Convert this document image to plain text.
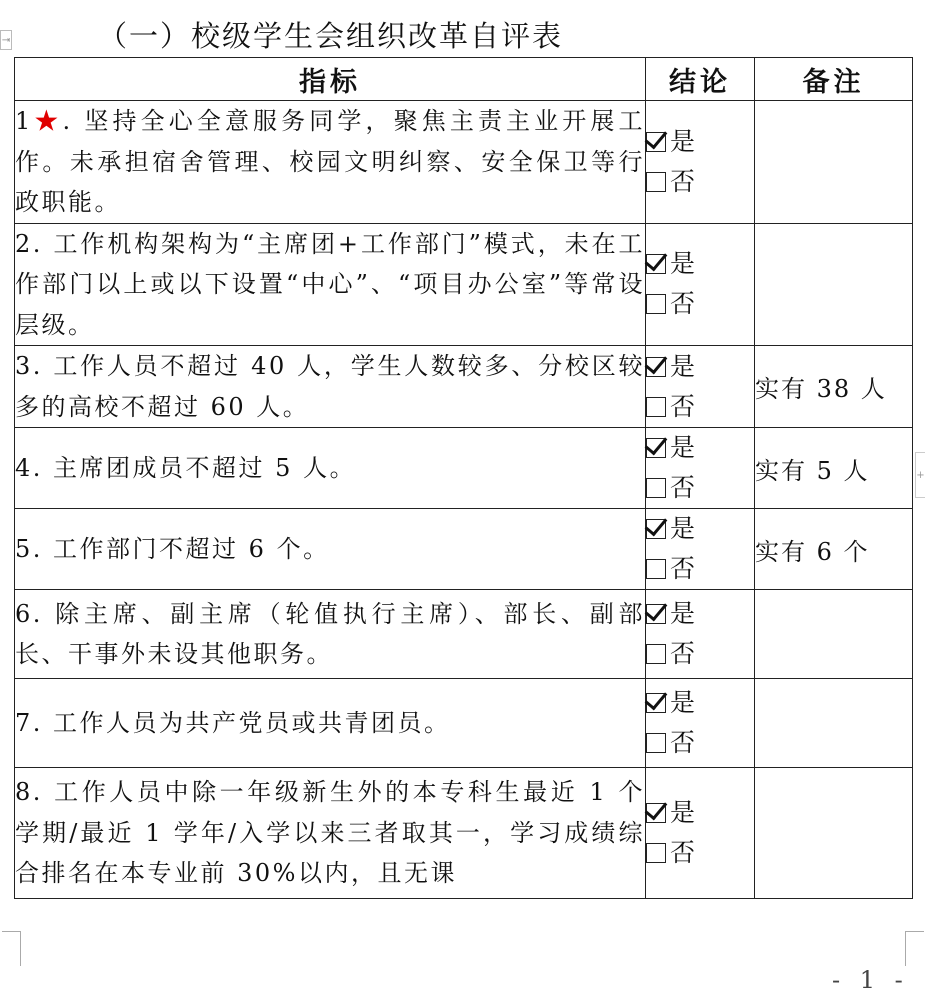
⇥	（一）校级学生会组织改革自评表
指标	结论	备注
1★. 坚持全心全意服务同学，聚焦主责主业开展工作。未承担宿舍管理、校园文明纠察、安全保卫等行政职能。	是
否	

2. 工作机构架构为“主席团+工作部门”模式，未在工作部门以上或以下设置“中心”、“项目办公室”等常设层级。	是
否	

3. 工作人员不超过 40 人，学生人数较多、分校区较多的高校不超过 60 人。	是
否	实有 38 人
4. 主席团成员不超过 5 人。	是
否	实有 5 人
5. 工作部门不超过 6 个。	是
否	实有 6 个
6. 除主席、副主席（轮值执行主席）、部长、副部长、干事外未设其他职务。	是
否	

7. 工作人员为共产党员或共青团员。	是
否	

8. 工作人员中除一年级新生外的本专科生最近 1 个学期/最近 1 学年/入学以来三者取其一，学习成绩综合排名在本专业前 30%以内，且无课	是
否	

+
- 1 -
